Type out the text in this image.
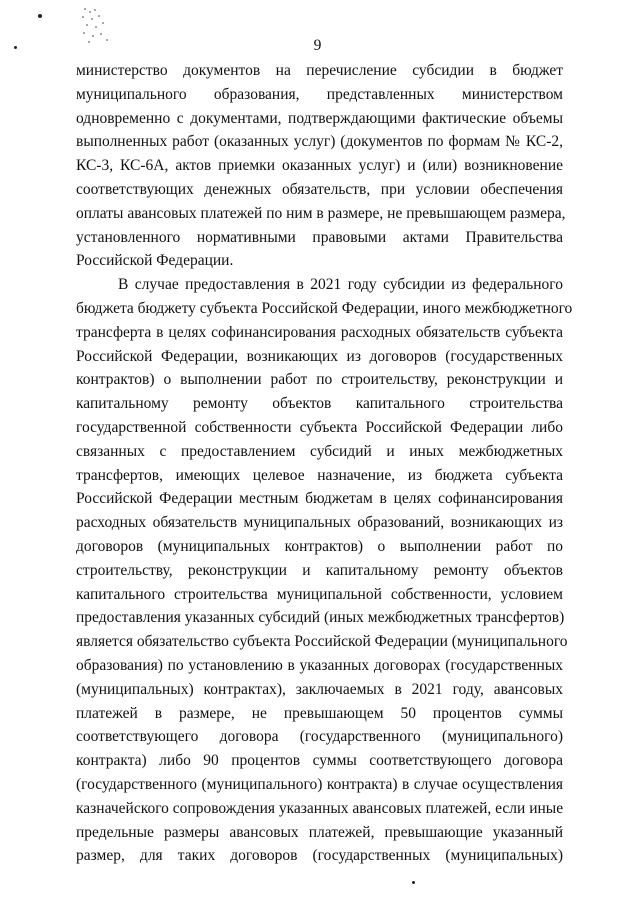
9
министерство документов на перечисление субсидии в бюджет
муниципального образования, представленных министерством
одновременно с документами, подтверждающими фактические объемы
выполненных работ (оказанных услуг) (документов по формам № КС-2,
КС-3, КС-6А, актов приемки оказанных услуг) и (или) возникновение
соответствующих денежных обязательств, при условии обеспечения
оплаты авансовых платежей по ним в размере, не превышающем размера,
установленного нормативными правовыми актами Правительства
Российской Федерации.
В случае предоставления в 2021 году субсидии из федерального
бюджета бюджету субъекта Российской Федерации, иного межбюджетного
трансферта в целях софинансирования расходных обязательств субъекта
Российской Федерации, возникающих из договоров (государственных
контрактов) о выполнении работ по строительству, реконструкции и
капитальному ремонту объектов капитального строительства
государственной собственности субъекта Российской Федерации либо
связанных с предоставлением субсидий и иных межбюджетных
трансфертов, имеющих целевое назначение, из бюджета субъекта
Российской Федерации местным бюджетам в целях софинансирования
расходных обязательств муниципальных образований, возникающих из
договоров (муниципальных контрактов) о выполнении работ по
строительству, реконструкции и капитальному ремонту объектов
капитального строительства муниципальной собственности, условием
предоставления указанных субсидий (иных межбюджетных трансфертов)
является обязательство субъекта Российской Федерации (муниципального
образования) по установлению в указанных договорах (государственных
(муниципальных) контрактах), заключаемых в 2021 году, авансовых
платежей в размере, не превышающем 50 процентов суммы
соответствующего договора (государственного (муниципального)
контракта) либо 90 процентов суммы соответствующего договора
(государственного (муниципального) контракта) в случае осуществления
казначейского сопровождения указанных авансовых платежей, если иные
предельные размеры авансовых платежей, превышающие указанный
размер, для таких договоров (государственных (муниципальных)
